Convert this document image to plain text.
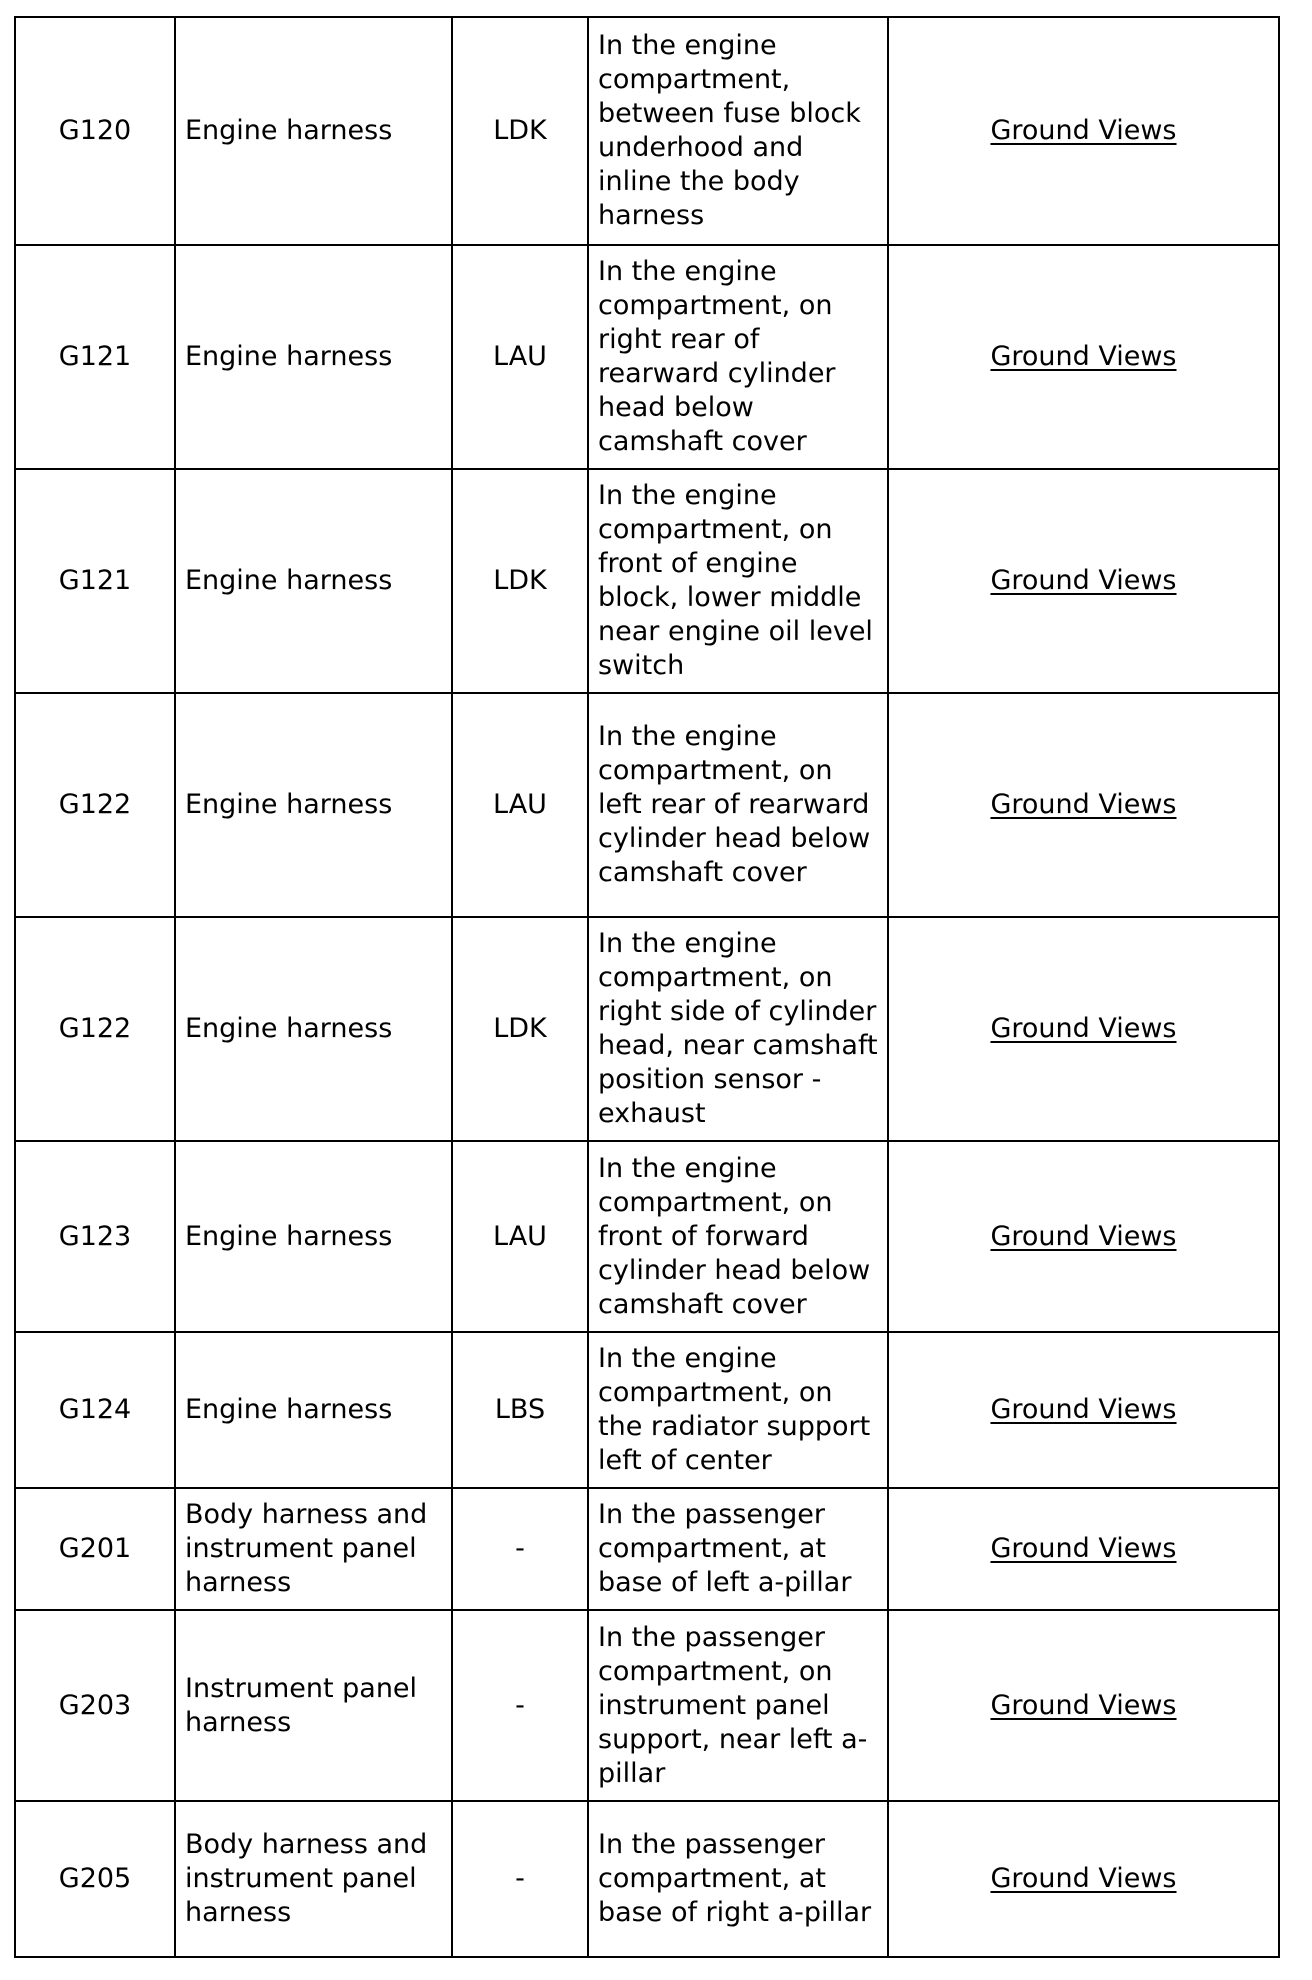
G120	Engine harness	LDK	In the engine compartment, between fuse block underhood and inline the body harness	Ground Views
G121	Engine harness	LAU	In the engine compartment, on right rear of rearward cylinder head below camshaft cover	Ground Views
G121	Engine harness	LDK	In the engine compartment, on front of engine block, lower middle near engine oil level switch	Ground Views
G122	Engine harness	LAU	In the engine compartment, on left rear of rearward cylinder head below camshaft cover	Ground Views
G122	Engine harness	LDK	In the engine compartment, on right side of cylinder head, near camshaft position sensor - exhaust	Ground Views
G123	Engine harness	LAU	In the engine compartment, on front of forward cylinder head below camshaft cover	Ground Views
G124	Engine harness	LBS	In the engine compartment, on the radiator support left of center	Ground Views
G201	Body harness and instrument panel harness	-	In the passenger compartment, at base of left a-pillar	Ground Views
G203	Instrument panel harness	-	In the passenger compartment, on instrument panel support, near left a-pillar	Ground Views
G205	Body harness and instrument panel harness	-	In the passenger compartment, at base of right a-pillar	Ground Views
